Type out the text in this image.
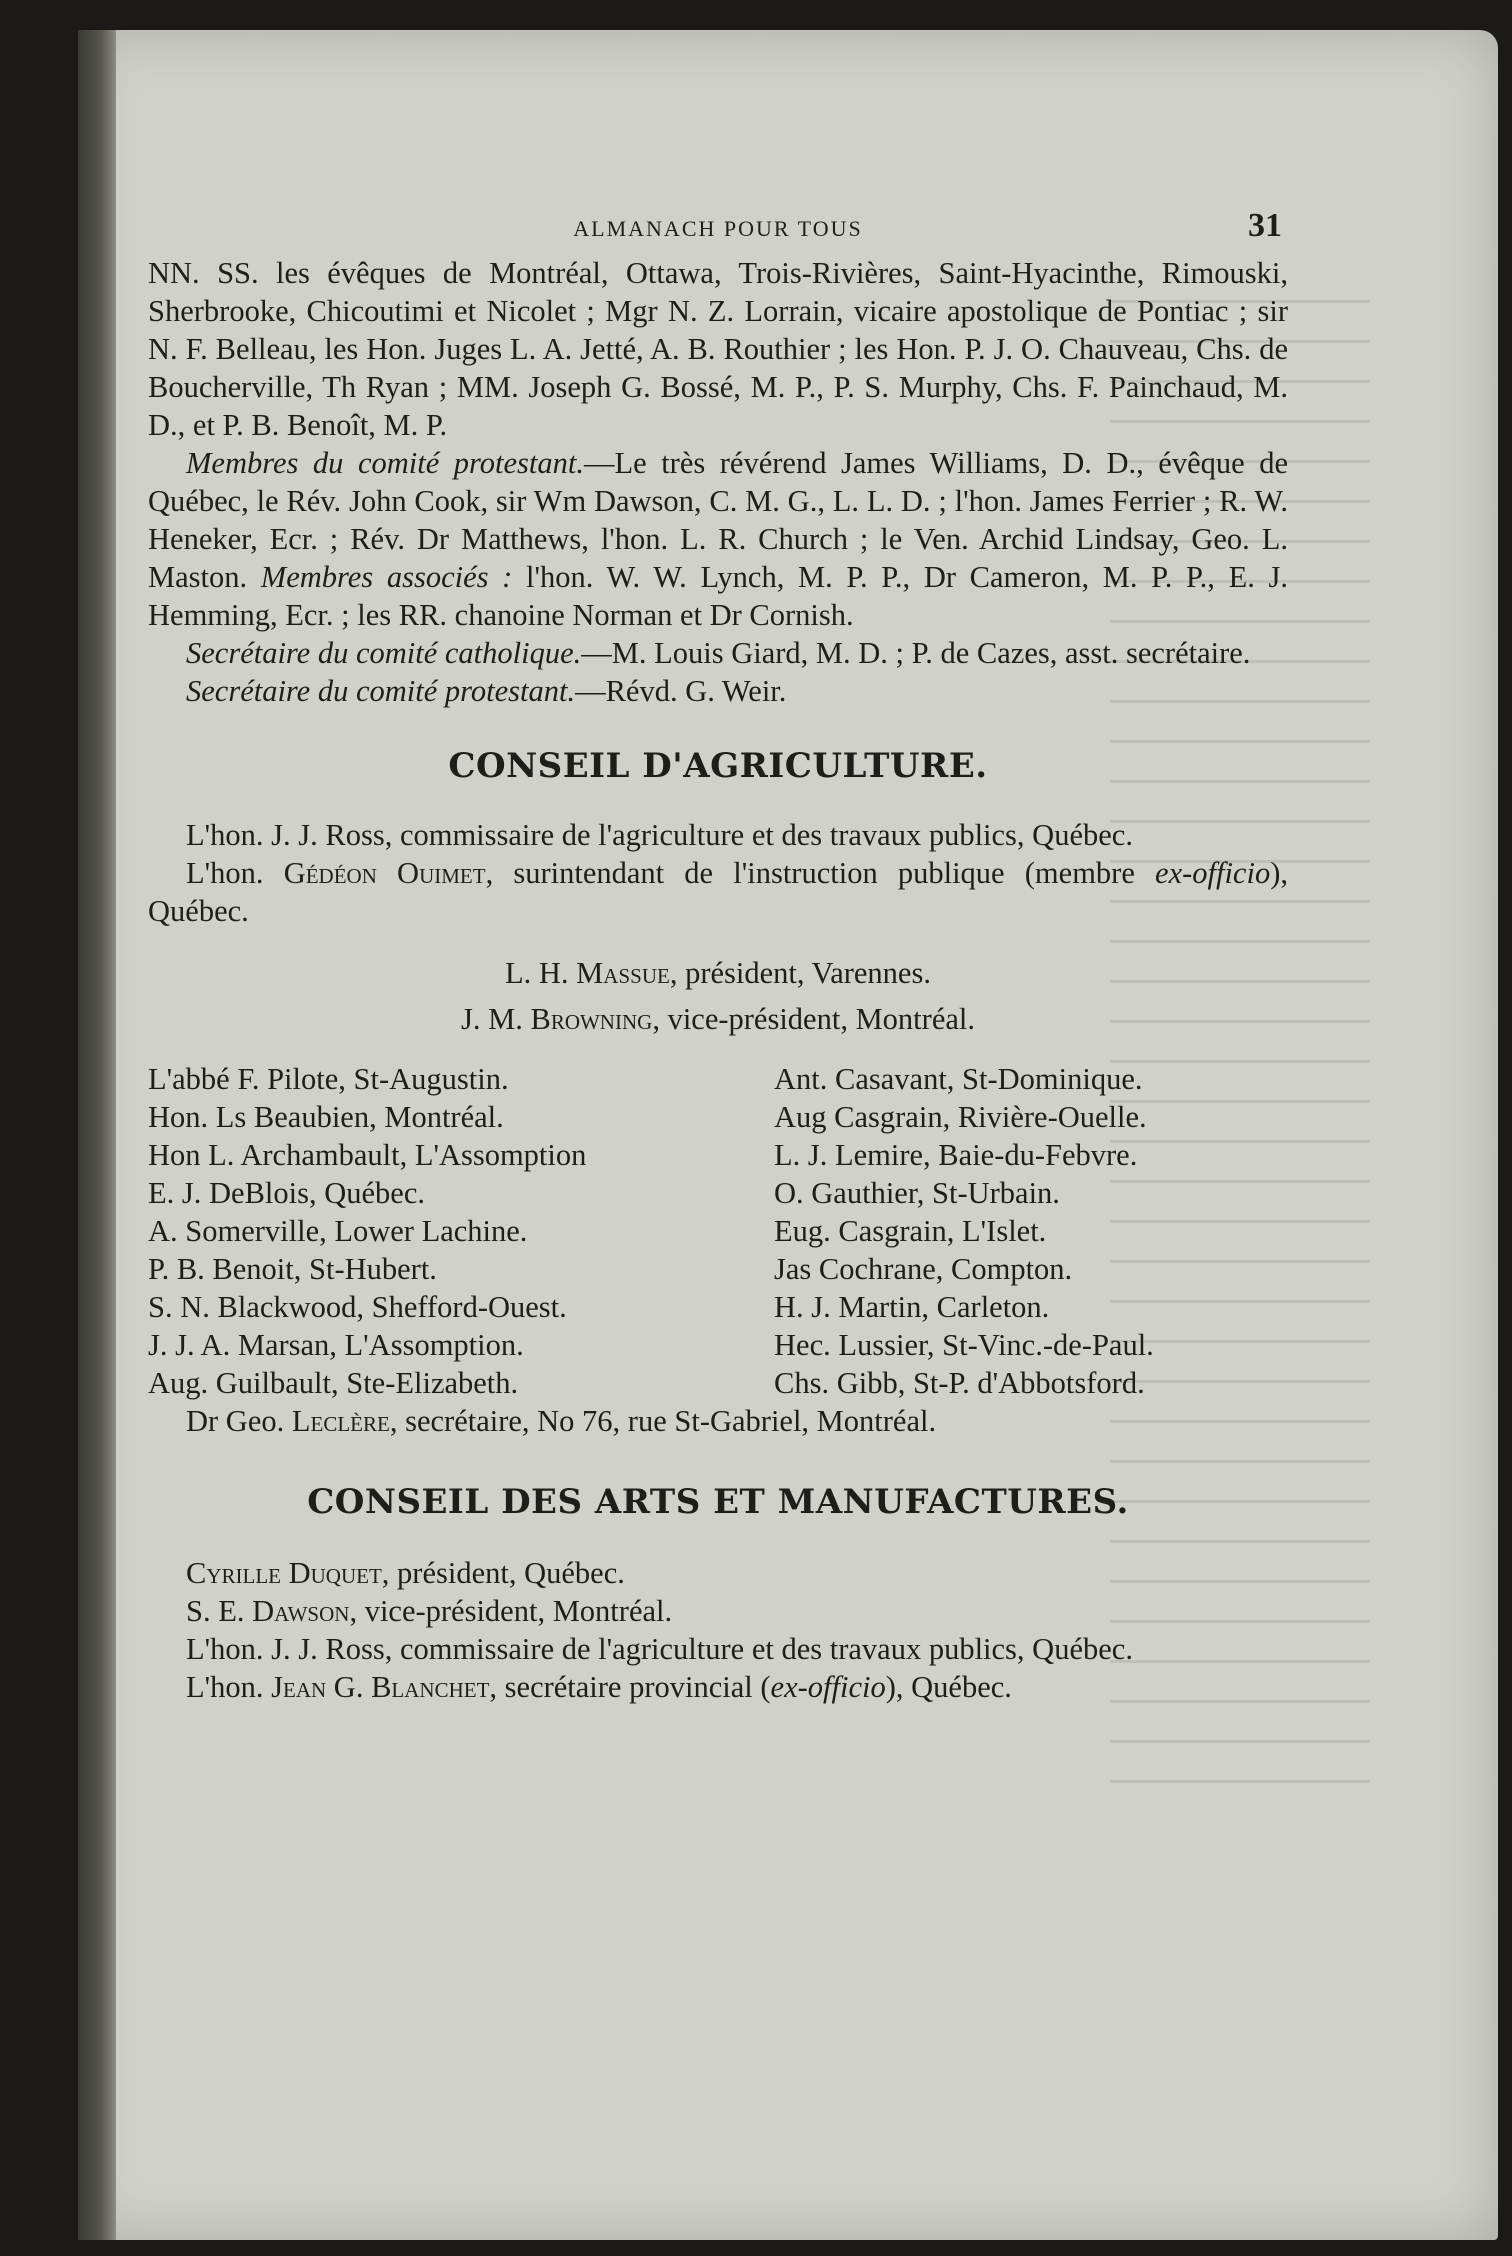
ALMANACH POUR TOUS	31

NN. SS. les évêques de Montréal, Ottawa, Trois-Rivières, Saint-Hyacinthe, Rimouski, Sherbrooke, Chicoutimi et Nicolet ; Mgr N. Z. Lorrain, vicaire apostolique de Pontiac ; sir N. F. Belleau, les Hon. Juges L. A. Jetté, A. B. Routhier ; les Hon. P. J. O. Chauveau, Chs. de Boucherville, Th Ryan ; MM. Joseph G. Bossé, M. P., P. S. Murphy, Chs. F. Painchaud, M. D., et P. B. Benoît, M. P.

Membres du comité protestant.—Le très révérend James Williams, D. D., évêque de Québec, le Rév. John Cook, sir Wm Dawson, C. M. G., L. L. D. ; l'hon. James Ferrier ; R. W. Heneker, Ecr. ; Rév. Dr Matthews, l'hon. L. R. Church ; le Ven. Archid Lindsay, Geo. L. Maston. Membres associés : l'hon. W. W. Lynch, M. P. P., Dr Cameron, M. P. P., E. J. Hemming, Ecr. ; les RR. chanoine Norman et Dr Cornish.

Secrétaire du comité catholique.—M. Louis Giard, M. D. ; P. de Cazes, asst. secrétaire.

Secrétaire du comité protestant.—Révd. G. Weir.

CONSEIL D'AGRICULTURE.

L'hon. J. J. Ross, commissaire de l'agriculture et des travaux publics, Québec.

L'hon. Gédéon Ouimet, surintendant de l'instruction publique (membre ex-officio), Québec.

L. H. Massue, président, Varennes.

J. M. Browning, vice-président, Montréal.

L'abbé F. Pilote, St-Augustin.	Ant. Casavant, St-Dominique.
Hon. Ls Beaubien, Montréal.	Aug Casgrain, Rivière-Ouelle.
Hon L. Archambault, L'Assomption	L. J. Lemire, Baie-du-Febvre.
E. J. DeBlois, Québec.	O. Gauthier, St-Urbain.
A. Somerville, Lower Lachine.	Eug. Casgrain, L'Islet.
P. B. Benoit, St-Hubert.	Jas Cochrane, Compton.
S. N. Blackwood, Shefford-Ouest.	H. J. Martin, Carleton.
J. J. A. Marsan, L'Assomption.	Hec. Lussier, St-Vinc.-de-Paul.
Aug. Guilbault, Ste-Elizabeth.	Chs. Gibb, St-P. d'Abbotsford.

Dr Geo. Leclère, secrétaire, No 76, rue St-Gabriel, Montréal.

CONSEIL DES ARTS ET MANUFACTURES.

Cyrille Duquet, président, Québec.

S. E. Dawson, vice-président, Montréal.

L'hon. J. J. Ross, commissaire de l'agriculture et des travaux publics, Québec.

L'hon. Jean G. Blanchet, secrétaire provincial (ex-officio), Québec.
